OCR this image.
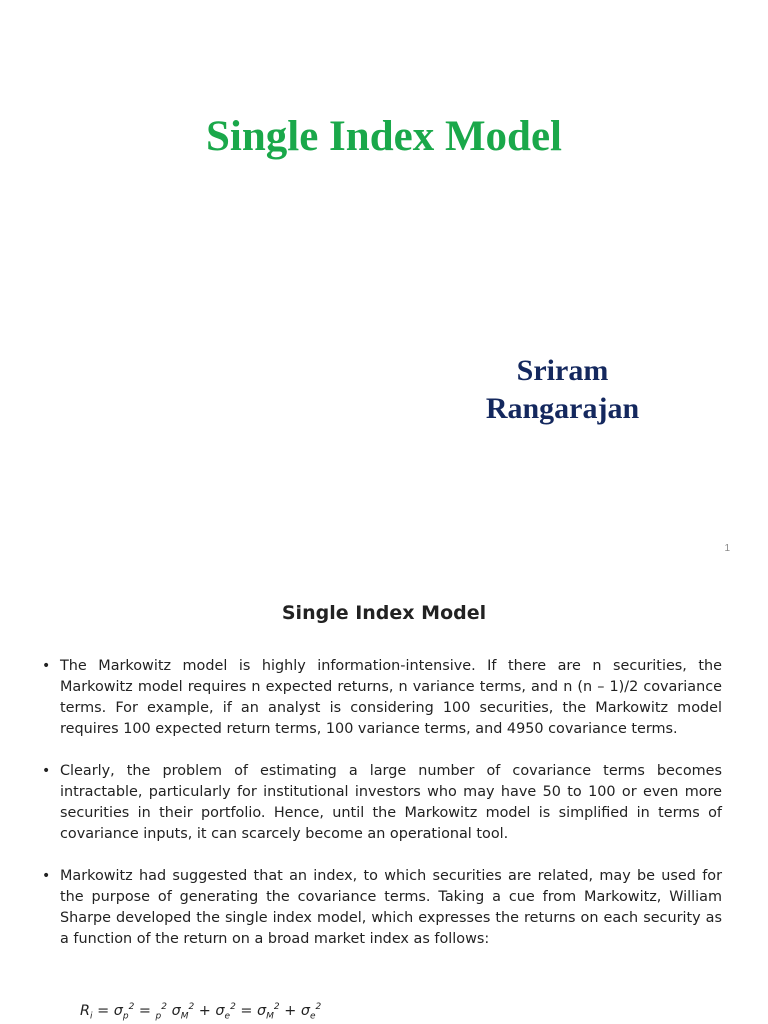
Single Index Model
Sriram
Rangarajan
1
Single Index Model
• The Markowitz model is highly information-intensive. If there are n securities, the Markowitz model requires n expected returns, n variance terms, and n (n – 1)/2 covariance terms. For example, if an analyst is considering 100 securities, the Markowitz model requires 100 expected return terms, 100 variance terms, and 4950 covariance terms.
• Clearly, the problem of estimating a large number of covariance terms becomes intractable, particularly for institutional investors who may have 50 to 100 or even more securities in their portfolio. Hence, until the Markowitz model is simplified in terms of covariance inputs, it can scarcely become an operational tool.
• Markowitz had suggested that an index, to which securities are related, may be used for the purpose of generating the covariance terms. Taking a cue from Markowitz, William Sharpe developed the single index model, which expresses the returns on each security as a function of the return on a broad market index as follows:
$R_i = \sigma_p^2 = _p^2$ $\sigma_M^2 + \sigma_e^2 = \sigma_M^2 + \sigma_e^2$
